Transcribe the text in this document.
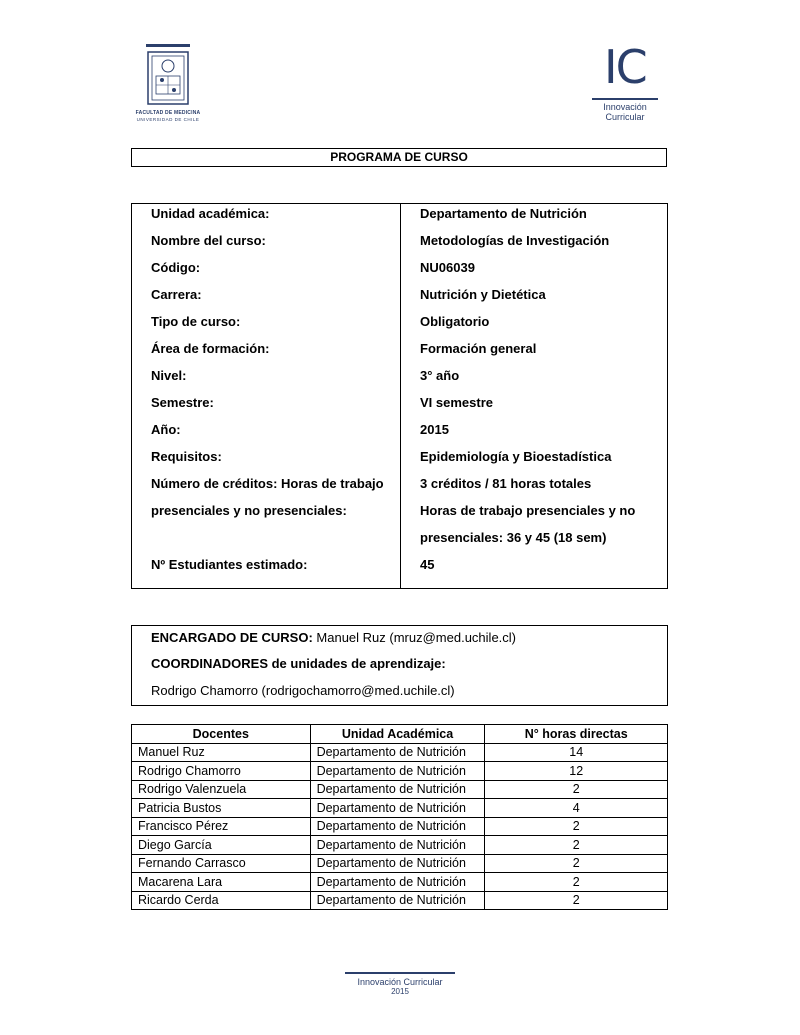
FACULTAD DE MEDICINA
UNIVERSIDAD DE CHILE
IC
Innovación
Curricular
PROGRAMA DE CURSO
Unidad académica:	Departamento de Nutrición
Nombre del curso:	Metodologías de Investigación
Código:	NU06039
Carrera:	Nutrición y Dietética
Tipo de curso:	Obligatorio
Área de formación:	Formación general
Nivel:	3° año
Semestre:	VI semestre
Año:	2015
Requisitos:	Epidemiología y Bioestadística
Número de créditos: Horas de trabajo	3 créditos / 81 horas totales
presenciales y no presenciales:	Horas de trabajo presenciales y no
presenciales: 36 y 45 (18 sem)
Nº Estudiantes estimado:	45
ENCARGADO DE CURSO: Manuel Ruz (mruz@med.uchile.cl)
COORDINADORES de unidades de aprendizaje:
Rodrigo Chamorro (rodrigochamorro@med.uchile.cl)
Docentes	Unidad Académica	N° horas directas
Manuel Ruz	Departamento de Nutrición	14
Rodrigo Chamorro	Departamento de Nutrición	12
Rodrigo Valenzuela	Departamento de Nutrición	2
Patricia Bustos	Departamento de Nutrición	4
Francisco Pérez	Departamento de Nutrición	2
Diego García	Departamento de Nutrición	2
Fernando Carrasco	Departamento de Nutrición	2
Macarena Lara	Departamento de Nutrición	2
Ricardo Cerda	Departamento de Nutrición	2
Innovación Curricular
2015
